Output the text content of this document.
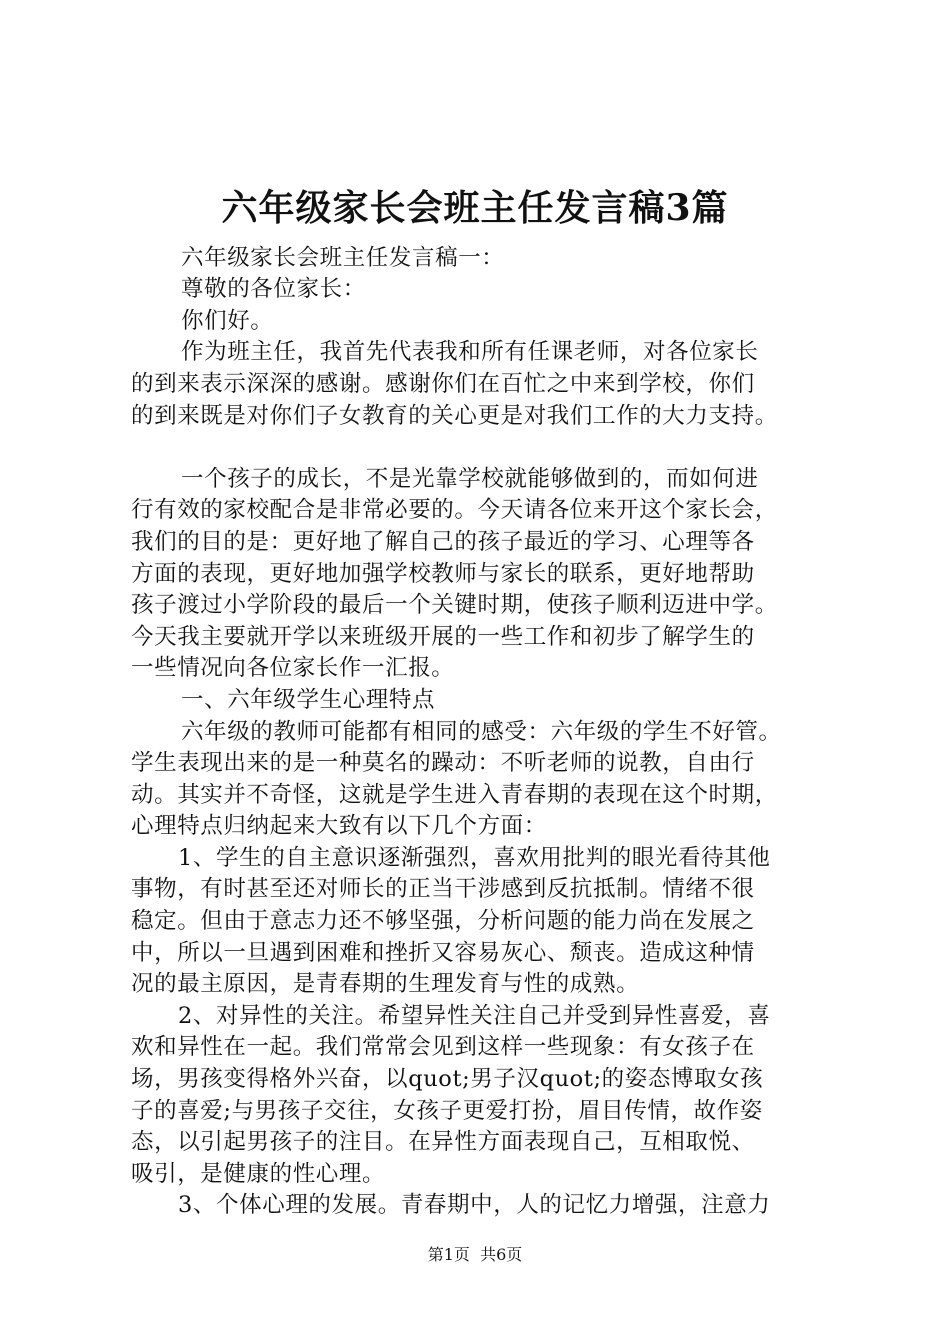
六年级家长会班主任发言稿3篇
六年级家长会班主任发言稿一：
尊敬的各位家长：
你们好。
作为班主任，我首先代表我和所有任课老师，对各位家长
的到来表示深深的感谢。感谢你们在百忙之中来到学校，你们
的到来既是对你们子女教育的关心更是对我们工作的大力支持。
一个孩子的成长，不是光靠学校就能够做到的，而如何进
行有效的家校配合是非常必要的。今天请各位来开这个家长会，
我们的目的是：更好地了解自己的孩子最近的学习、心理等各
方面的表现，更好地加强学校教师与家长的联系，更好地帮助
孩子渡过小学阶段的最后一个关键时期，使孩子顺利迈进中学。
今天我主要就开学以来班级开展的一些工作和初步了解学生的
一些情况向各位家长作一汇报。
一、六年级学生心理特点
六年级的教师可能都有相同的感受：六年级的学生不好管。
学生表现出来的是一种莫名的躁动：不听老师的说教，自由行
动。其实并不奇怪，这就是学生进入青春期的表现在这个时期，
心理特点归纳起来大致有以下几个方面：
1、学生的自主意识逐渐强烈，喜欢用批判的眼光看待其他
事物，有时甚至还对师长的正当干涉感到反抗抵制。情绪不很
稳定。但由于意志力还不够坚强，分析问题的能力尚在发展之
中，所以一旦遇到困难和挫折又容易灰心、颓丧。造成这种情
况的最主原因，是青春期的生理发育与性的成熟。
2、对异性的关注。希望异性关注自己并受到异性喜爱，喜
欢和异性在一起。我们常常会见到这样一些现象：有女孩子在
场，男孩变得格外兴奋，以quot;男子汉quot;的姿态博取女孩
子的喜爱;与男孩子交往，女孩子更爱打扮，眉目传情，故作姿
态，以引起男孩子的注目。在异性方面表现自己，互相取悦、
吸引，是健康的性心理。
3、个体心理的发展。青春期中，人的记忆力增强，注意力
第1页  共6页
